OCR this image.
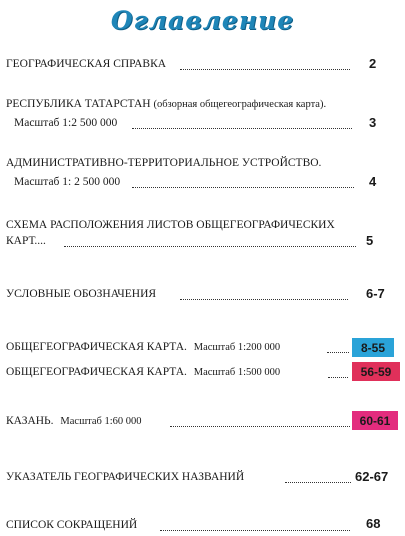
Оглавление
ГЕОГРАФИЧЕСКАЯ СПРАВКА	2
РЕСПУБЛИКА ТАТАРСТАН (обзорная общегеографическая карта).
Масштаб 1:2 500 000	3
АДМИНИСТРАТИВНО-ТЕРРИТОРИАЛЬНОЕ УСТРОЙСТВО.
Масштаб 1: 2 500 000	4
СХЕМА РАСПОЛОЖЕНИЯ ЛИСТОВ ОБЩЕГЕОГРАФИЧЕСКИХ
КАРТ....	5
УСЛОВНЫЕ ОБОЗНАЧЕНИЯ	6-7
ОБЩЕГЕОГРАФИЧЕСКАЯ КАРТА. Масштаб 1:200 000	8-55
ОБЩЕГЕОГРАФИЧЕСКАЯ КАРТА. Масштаб 1:500 000	56-59
КАЗАНЬ. Масштаб 1:60 000	60-61
УКАЗАТЕЛЬ ГЕОГРАФИЧЕСКИХ НАЗВАНИЙ	62-67
СПИСОК СОКРАЩЕНИЙ	68
